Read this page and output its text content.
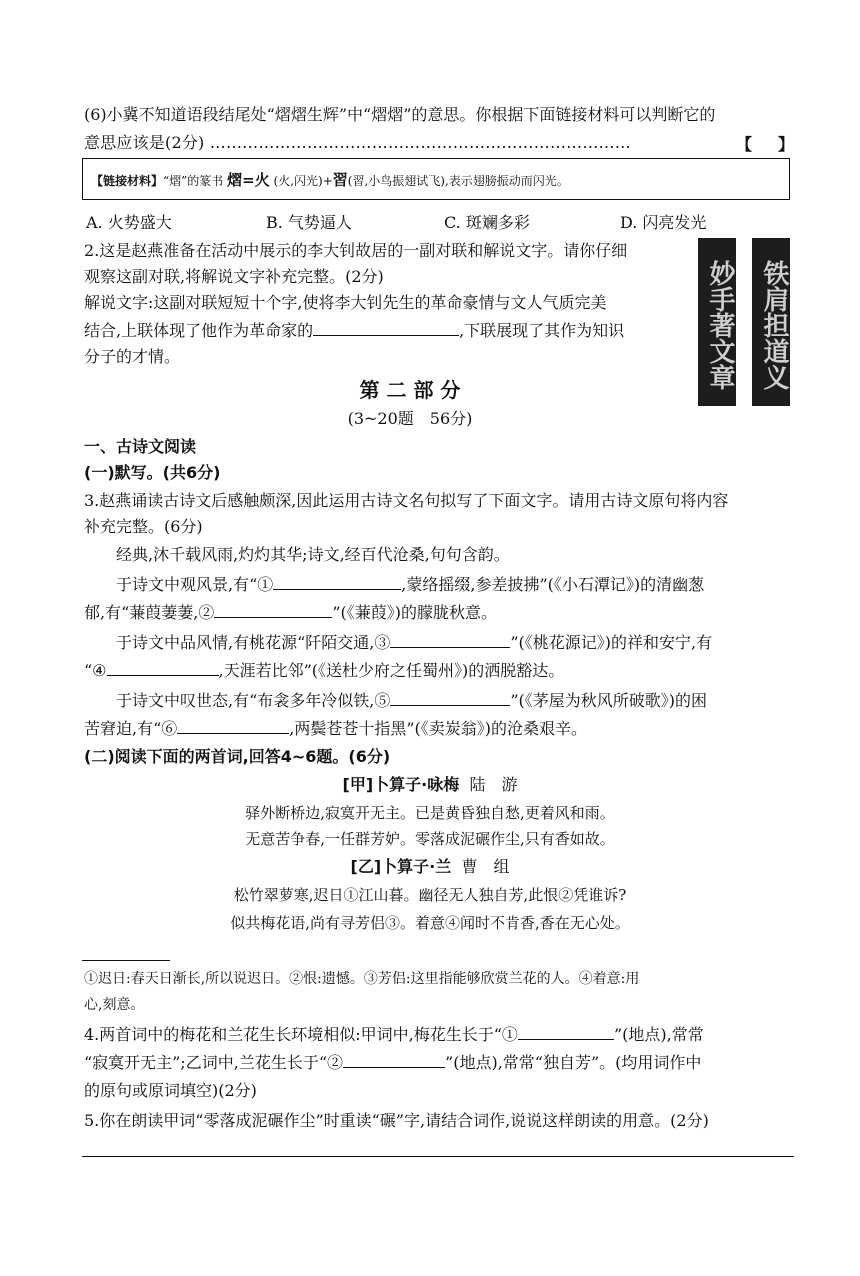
(6)小冀不知道语段结尾处“熠熠生辉”中“熠熠”的意思。你根据下面链接材料可以判断它的
意思应该是(2分) ……………………………………………………………………	【 】
【链接材料】“熠”的篆书 熠=火 (火,闪光)+習(習,小鸟振翅试飞),表示翅膀振动而闪光。
A. 火势盛大	B. 气势逼人	C. 斑斓多彩	D. 闪亮发光
2.这是赵燕准备在活动中展示的李大钊故居的一副对联和解说文字。请你仔细
观察这副对联,将解说文字补充完整。(2分)
解说文字:这副对联短短十个字,使将李大钊先生的革命豪情与文人气质完美
结合,上联体现了他作为革命家的	,下联展现了其作为知识
分子的才情。	妙手著文章 铁肩担道义
第 二 部 分
(3~20题　56分)
一、古诗文阅读
(一)默写。(共6分)
3.赵燕诵读古诗文后感触颇深,因此运用古诗文名句拟写了下面文字。请用古诗文原句将内容
补充完整。(6分)
经典,沐千载风雨,灼灼其华;诗文,经百代沧桑,句句含韵。
于诗文中观风景,有“①	,蒙络摇缀,参差披拂”(《小石潭记》)的清幽葱
郁,有“蒹葭萋萋,②	”(《蒹葭》)的朦胧秋意。
于诗文中品风情,有桃花源“阡陌交通,③	”(《桃花源记》)的祥和安宁,有
“④	,天涯若比邻”(《送杜少府之任蜀州》)的洒脱豁达。
于诗文中叹世态,有“布衾多年冷似铁,⑤	”(《茅屋为秋风所破歌》)的困
苦窘迫,有“⑥	,两鬓苍苍十指黑”(《卖炭翁》)的沧桑艰辛。
(二)阅读下面的两首词,回答4~6题。(6分)
[甲]卜算子·咏梅 陆　游
驿外断桥边,寂寞开无主。已是黄昏独自愁,更着风和雨。
无意苦争春,一任群芳妒。零落成泥碾作尘,只有香如故。
[乙]卜算子·兰 曹　组
松竹翠萝寒,迟日①江山暮。幽径无人独自芳,此恨②凭谁诉?
似共梅花语,尚有寻芳侣③。着意④闻时不肯香,香在无心处。
①迟日:春天日渐长,所以说迟日。②恨:遗憾。③芳侣:这里指能够欣赏兰花的人。④着意:用
心,刻意。
4.两首词中的梅花和兰花生长环境相似:甲词中,梅花生长于“①	”(地点),常常
“寂寞开无主”;乙词中,兰花生长于“②	”(地点),常常“独自芳”。(均用词作中
的原句或原词填空)(2分)
5.你在朗读甲词“零落成泥碾作尘”时重读“碾”字,请结合词作,说说这样朗读的用意。(2分)
